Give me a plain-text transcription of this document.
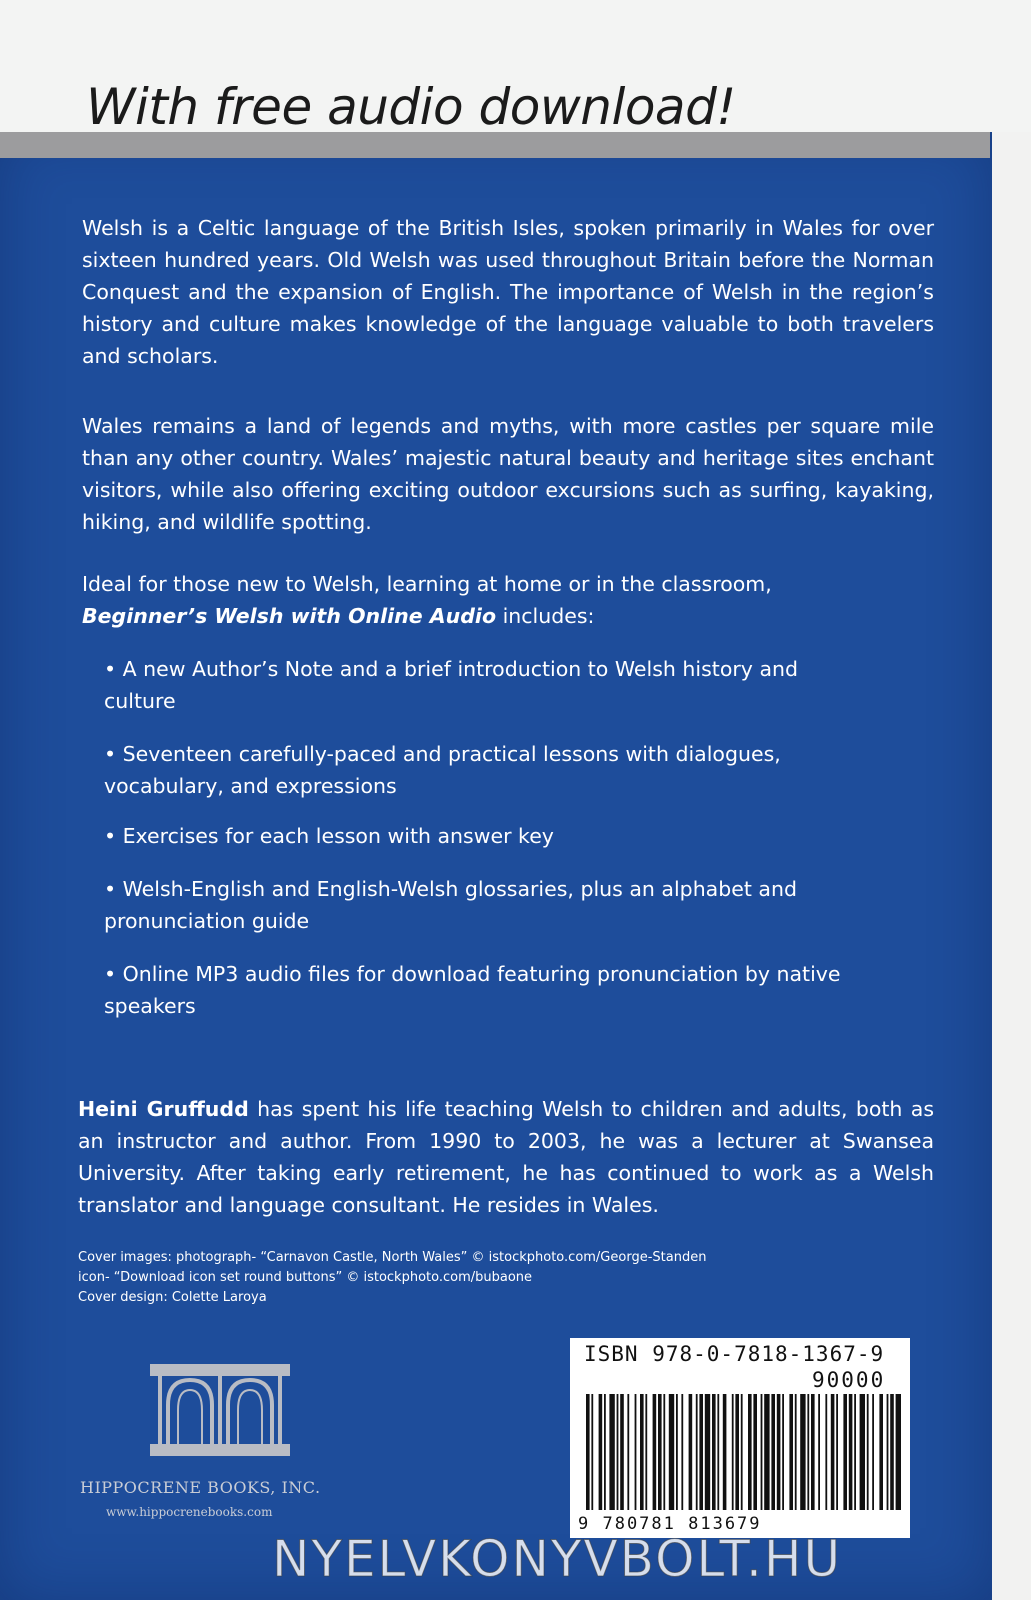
With free audio download!
Welsh is a Celtic language of the British Isles, spoken primarily in Wales for over sixteen hundred years. Old Welsh was used throughout Britain before the Norman Conquest and the expansion of English. The importance of Welsh in the region’s history and culture makes knowledge of the language valuable to both travelers and scholars.
Wales remains a land of legends and myths, with more castles per square mile than any other country. Wales’ majestic natural beauty and heritage sites enchant visitors, while also offering exciting outdoor excursions such as surfing, kayaking, hiking, and wildlife spotting.
Ideal for those new to Welsh, learning at home or in the classroom,
Beginner’s Welsh with Online Audio includes:
• A new Author’s Note and a brief introduction to Welsh history and culture
• Seventeen carefully-paced and practical lessons with dialogues, vocabulary, and expressions
• Exercises for each lesson with answer key
• Welsh-English and English-Welsh glossaries, plus an alphabet and pronunciation guide
• Online MP3 audio files for download featuring pronunciation by native speakers
Heini Gruffudd has spent his life teaching Welsh to children and adults, both as an instructor and author. From 1990 to 2003, he was a lecturer at Swansea University. After taking early retirement, he has continued to work as a Welsh translator and language consultant. He resides in Wales.
Cover images: photograph- “Carnavon Castle, North Wales” © istockphoto.com/George-Standen
icon- “Download icon set round buttons” © istockphoto.com/bubaone
Cover design: Colette Laroya
HIPPOCRENE BOOKS, INC.
www.hippocrenebooks.com
ISBN 978-0-7818-1367-9
90000
9 780781 813679
NYELVKONYVBOLT.HU
